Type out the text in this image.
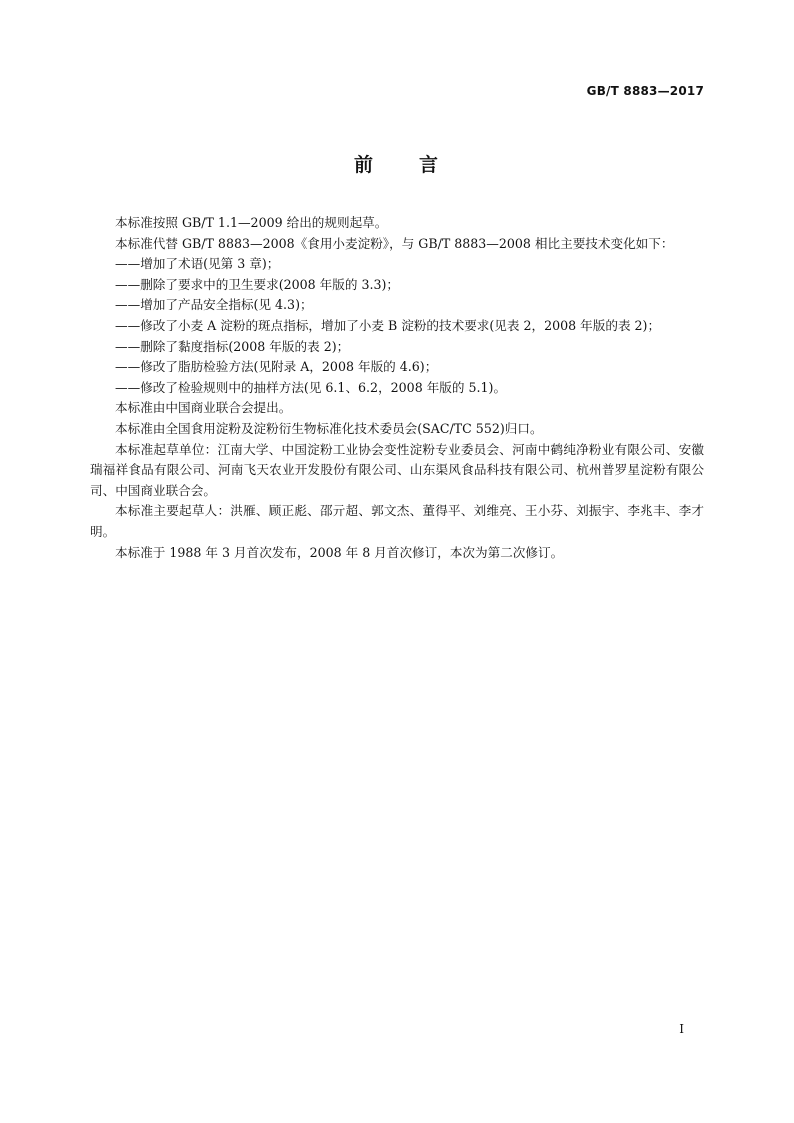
GB/T 8883—2017
前 言

本标准按照 GB/T 1.1—2009 给出的规则起草。

本标准代替 GB/T 8883—2008《食用小麦淀粉》，与 GB/T 8883—2008 相比主要技术变化如下：

——增加了术语(见第 3 章)；

——删除了要求中的卫生要求(2008 年版的 3.3)；

——增加了产品安全指标(见 4.3)；

——修改了小麦 A 淀粉的斑点指标，增加了小麦 B 淀粉的技术要求(见表 2，2008 年版的表 2)；

——删除了黏度指标(2008 年版的表 2)；

——修改了脂肪检验方法(见附录 A，2008 年版的 4.6)；

——修改了检验规则中的抽样方法(见 6.1、6.2，2008 年版的 5.1)。

本标准由中国商业联合会提出。

本标准由全国食用淀粉及淀粉衍生物标准化技术委员会(SAC/TC 552)归口。

本标准起草单位：江南大学、中国淀粉工业协会变性淀粉专业委员会、河南中鹤纯净粉业有限公司、安徽瑞福祥食品有限公司、河南飞天农业开发股份有限公司、山东渠风食品科技有限公司、杭州普罗星淀粉有限公司、中国商业联合会。

本标准主要起草人：洪雁、顾正彪、邵亓超、郭文杰、董得平、刘维亮、王小芬、刘振宇、李兆丰、李才明。

本标准于 1988 年 3 月首次发布，2008 年 8 月首次修订，本次为第二次修订。

I
